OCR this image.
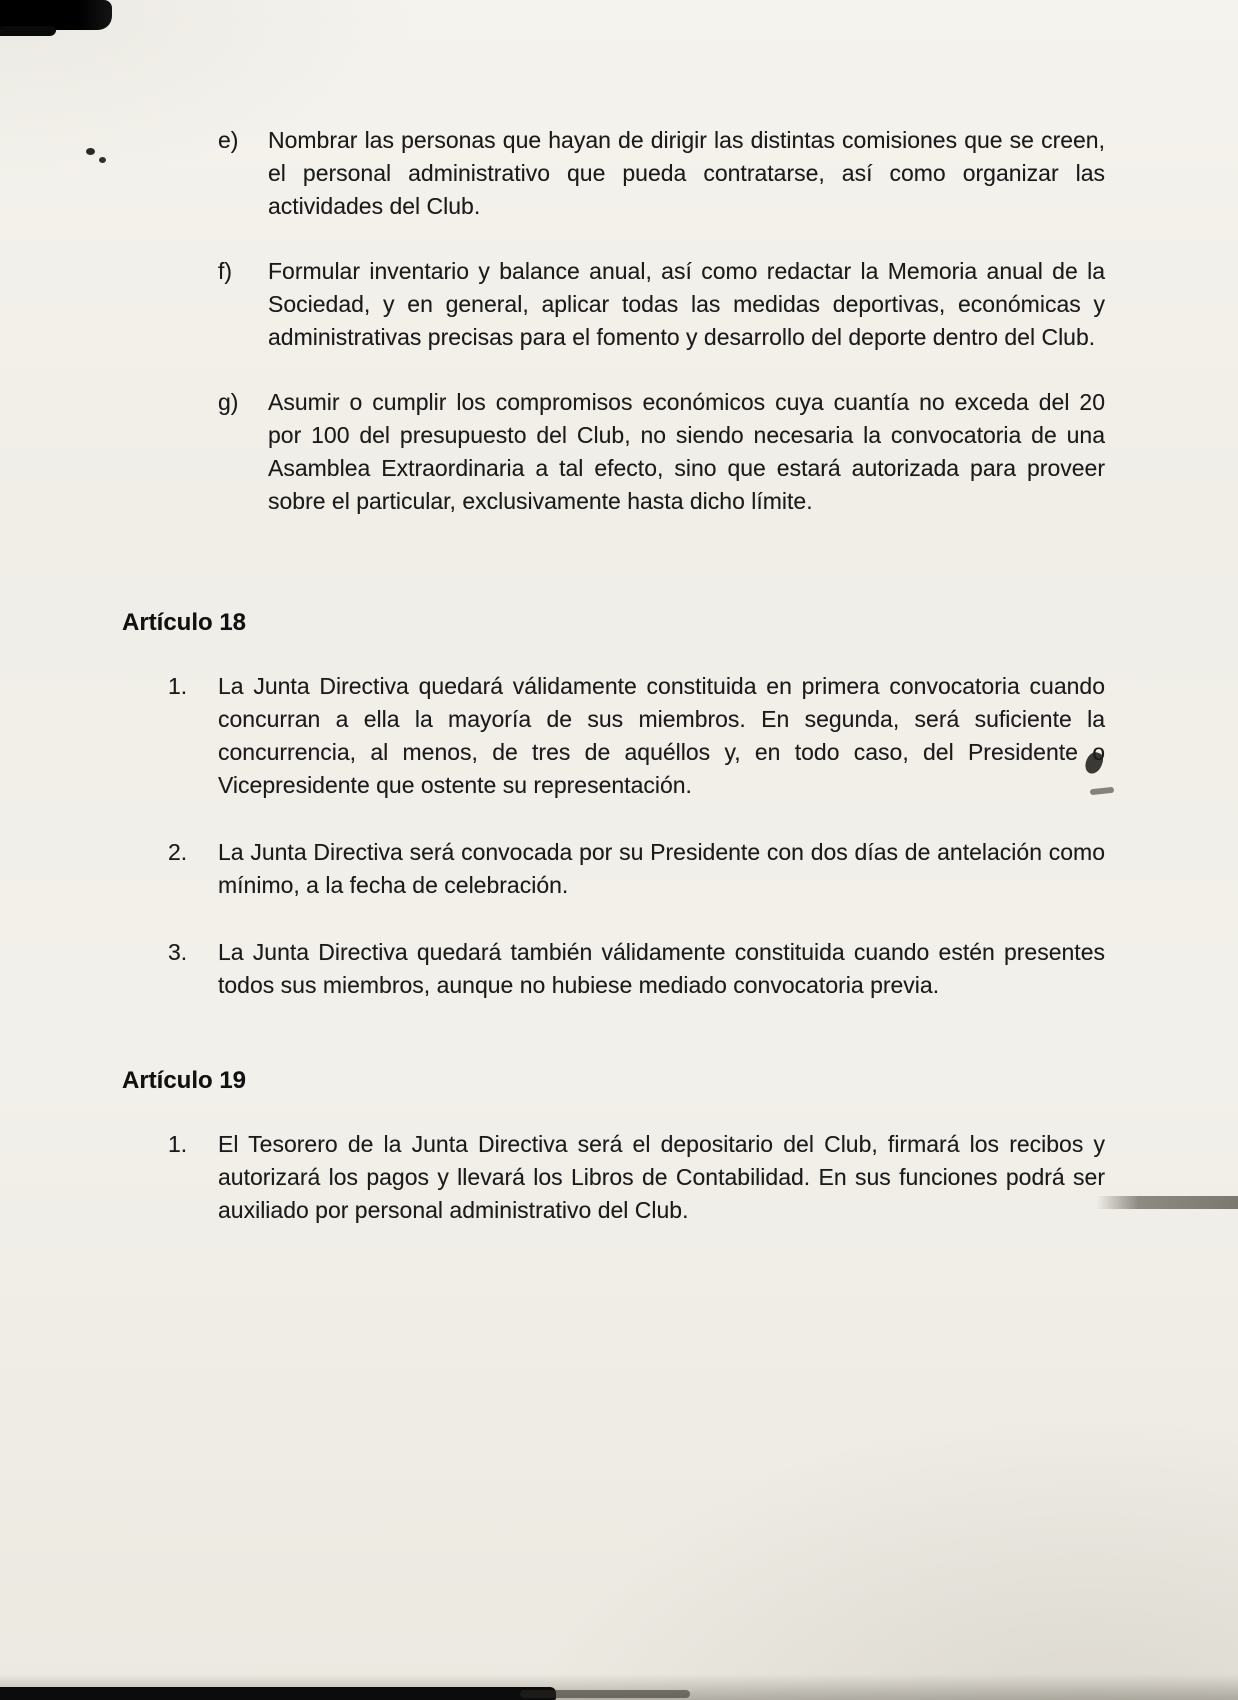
e)	Nombrar las personas que hayan de dirigir las distintas comisiones que se creen, el personal administrativo que pueda contratarse, así como organizar las actividades del Club.
f)	Formular inventario y balance anual, así como redactar la Memoria anual de la Sociedad, y en general, aplicar todas las medidas deportivas, económicas y administrativas precisas para el fomento y desarrollo del deporte dentro del Club.
g)	Asumir o cumplir los compromisos económicos cuya cuantía no exceda del 20 por 100 del presupuesto del Club, no siendo necesaria la convocatoria de una Asamblea Extraordinaria a tal efecto, sino que estará autorizada para proveer sobre el particular, exclusivamente hasta dicho límite.
Artículo 18
1.	La Junta Directiva quedará válidamente constituida en primera convocatoria cuando concurran a ella la mayoría de sus miembros. En segunda, será suficiente la concurrencia, al menos, de tres de aquéllos y, en todo caso, del Presidente o Vicepresidente que ostente su representación.
2.	La Junta Directiva será convocada por su Presidente con dos días de antelación como mínimo, a la fecha de celebración.
3.	La Junta Directiva quedará también válidamente constituida cuando estén presentes todos sus miembros, aunque no hubiese mediado convocatoria previa.
Artículo 19
1.	El Tesorero de la Junta Directiva será el depositario del Club, firmará los recibos y autorizará los pagos y llevará los Libros de Contabilidad. En sus funciones podrá ser auxiliado por personal administrativo del Club.
